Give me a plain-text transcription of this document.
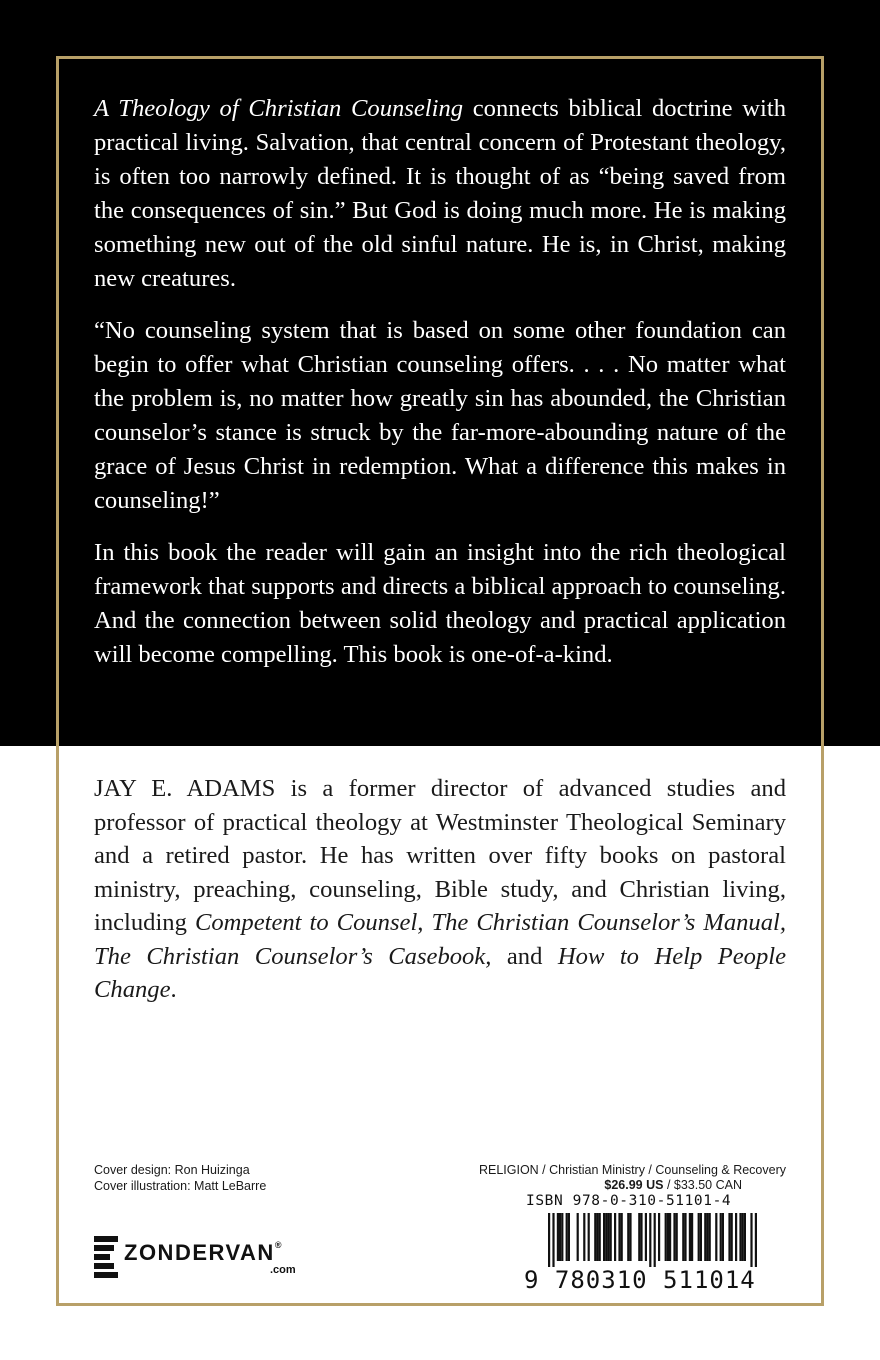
A Theology of Christian Counseling connects biblical doctrine with practical living. Salvation, that central concern of Protestant theology, is often too narrowly defined. It is thought of as “being saved from the consequences of sin.” But God is doing much more. He is making something new out of the old sinful nature. He is, in Christ, making new creatures.

“No counseling system that is based on some other foundation can begin to offer what Christian counseling offers. . . . No matter what the problem is, no matter how greatly sin has abounded, the Christian counselor’s stance is struck by the far-more-abounding nature of the grace of Jesus Christ in redemption. What a difference this makes in counseling!”

In this book the reader will gain an insight into the rich theological framework that supports and directs a biblical approach to counseling. And the connection between solid theology and practical application will become compelling. This book is one-of-a-kind.

JAY E. ADAMS is a former director of advanced studies and professor of practical theology at Westminster Theological Seminary and a retired pastor. He has written over fifty books on pastoral ministry, preaching, counseling, Bible study, and Christian living, including Competent to Counsel, The Christian Counselor’s Manual, The Christian Counselor’s Casebook, and How to Help People Change.
Cover design: Ron Huizinga
Cover illustration: Matt LeBarre
ZONDERVAN®
.com
RELIGION / Christian Ministry / Counseling & Recovery
$26.99 US / $33.50 CAN
ISBN 978-0-310-51101-4
9 780310 511014
